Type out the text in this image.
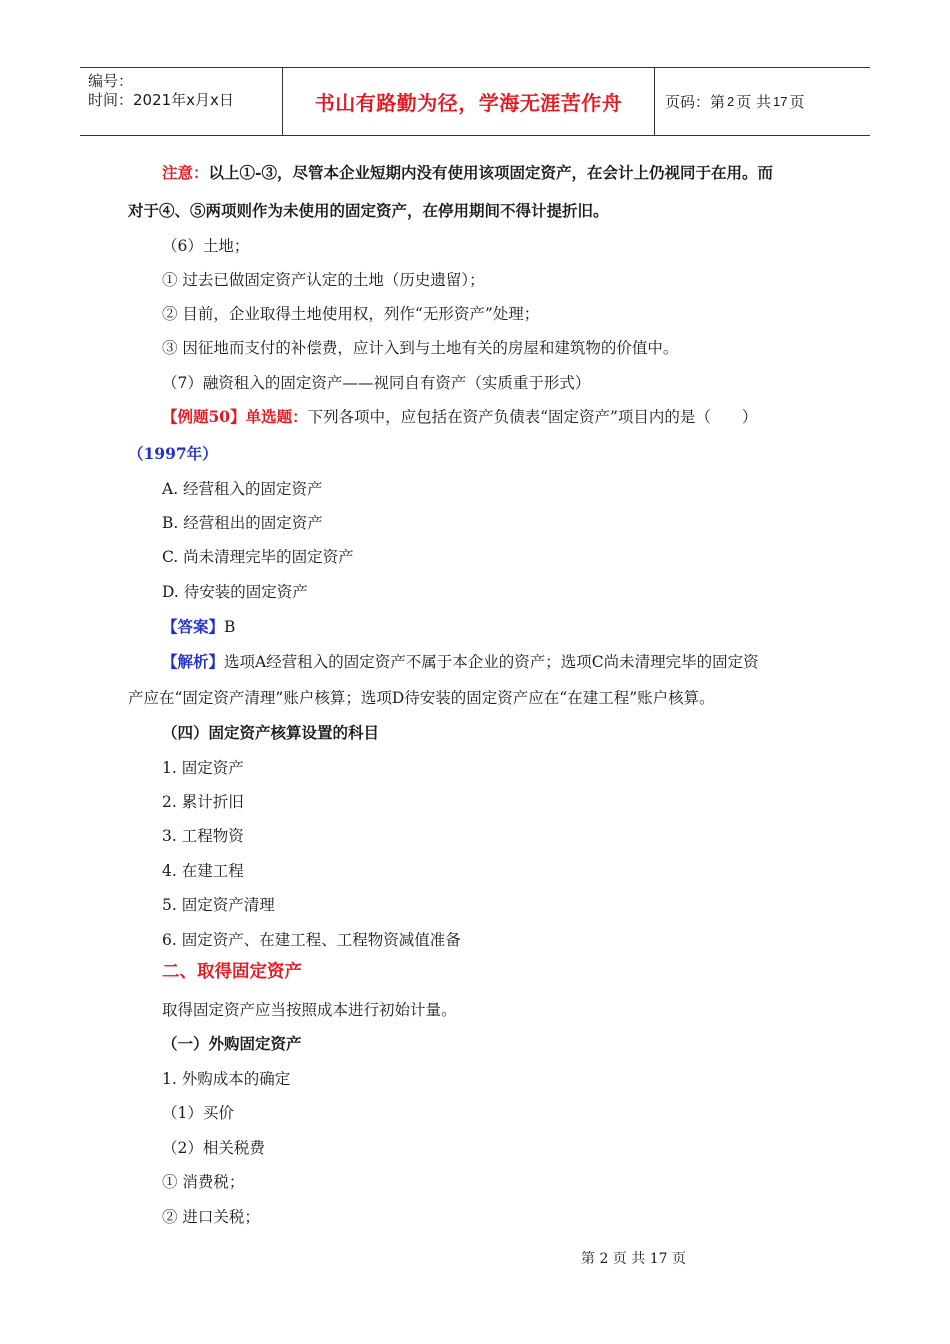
编号：
时间：2021年x月x日	书山有路勤为径，学海无涯苦作舟	页码：第 2 页 共 17 页
注意：以上①-③，尽管本企业短期内没有使用该项固定资产，在会计上仍视同于在用。而
对于④、⑤两项则作为未使用的固定资产，在停用期间不得计提折旧。
（6）土地；
① 过去已做固定资产认定的土地（历史遗留）；
② 目前，企业取得土地使用权，列作“无形资产”处理；
③ 因征地而支付的补偿费，应计入到与土地有关的房屋和建筑物的价值中。
（7）融资租入的固定资产——视同自有资产（实质重于形式）
【例题50】单选题：下列各项中，应包括在资产负债表“固定资产”项目内的是（　　）
（1997年）
A. 经营租入的固定资产
B. 经营租出的固定资产
C. 尚未清理完毕的固定资产
D. 待安装的固定资产
【答案】B
【解析】选项A经营租入的固定资产不属于本企业的资产；选项C尚未清理完毕的固定资
产应在“固定资产清理”账户核算；选项D待安装的固定资产应在“在建工程”账户核算。
（四）固定资产核算设置的科目
1. 固定资产
2. 累计折旧
3. 工程物资
4. 在建工程
5. 固定资产清理
6. 固定资产、在建工程、工程物资减值准备
二、取得固定资产
取得固定资产应当按照成本进行初始计量。
（一）外购固定资产
1. 外购成本的确定
（1）买价
（2）相关税费
① 消费税；
② 进口关税；
第 2 页 共 17 页
